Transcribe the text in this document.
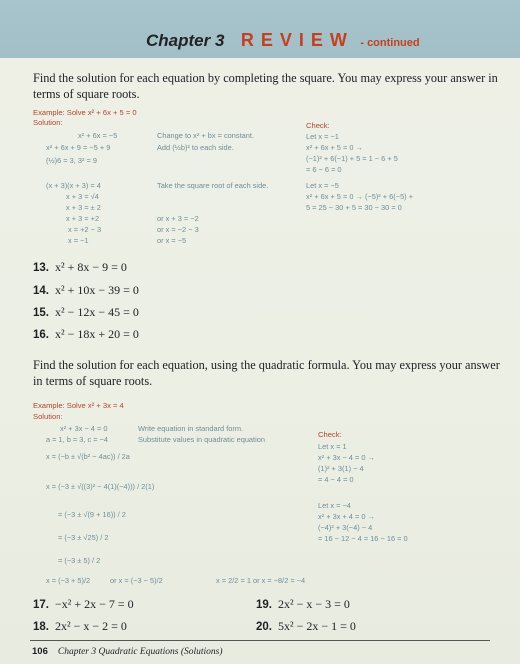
Chapter 3 REVIEW - continued
Find the solution for each equation by completing the square. You may express your answer in terms of square roots.
Example: Solve x² + 6x + 5 = 0
Solution:
x² + 6x = −5
x² + 6x + 9 = −5 + 9
(½)6 = 3, 3² = 9
(x + 3)(x + 3) = 4
x + 3 = √4
x + 3 = ± 2
x + 3 = +2
x = +2 − 3
x = −1
Change to x² + bx = constant.
Add (½b)² to each side.
Take the square root of each side.
or x + 3 = −2
or x = −2 − 3
or x = −5
Check:
Let x = −1
x² + 6x + 5 = 0 →
(−1)² + 6(−1) + 5 = 1 − 6 + 5
= 6 − 6 = 0
Let x = −5
x² + 6x + 5 = 0 → (−5)² + 6(−5) +
5 = 25 − 30 + 5 = 30 − 30 = 0
13. x² + 8x − 9 = 0
14. x² + 10x − 39 = 0
15. x² − 12x − 45 = 0
16. x² − 18x + 20 = 0
Find the solution for each equation, using the quadratic formula. You may express your answer in terms of square roots.
Example: Solve x² + 3x = 4
Solution:
x² + 3x − 4 = 0
a = 1, b = 3, c = −4
x = (−b ± √(b² − 4ac)) / 2a
x = (−3 ± √((3)² − 4(1)(−4))) / 2(1)
= (−3 ± √(9 + 16)) / 2
= (−3 ± √25) / 2
= (−3 ± 5) / 2
x = (−3 + 5)/2	or x = (−3 − 5)/2	x = 2/2 = 1 or x = −8/2 = −4
Write equation in standard form.
Substitute values in quadratic equation
Check:
Let x = 1
x² + 3x − 4 = 0 →
(1)² + 3(1) − 4
= 4 − 4 = 0
Let x = −4
x² + 3x + 4 = 0 →
(−4)² + 3(−4) − 4
= 16 − 12 − 4 = 16 − 16 = 0
17. −x² + 2x − 7 = 0
18. 2x² − x − 2 = 0
19. 2x² − x − 3 = 0
20. 5x² − 2x − 1 = 0
106 Chapter 3 Quadratic Equations (Solutions)
